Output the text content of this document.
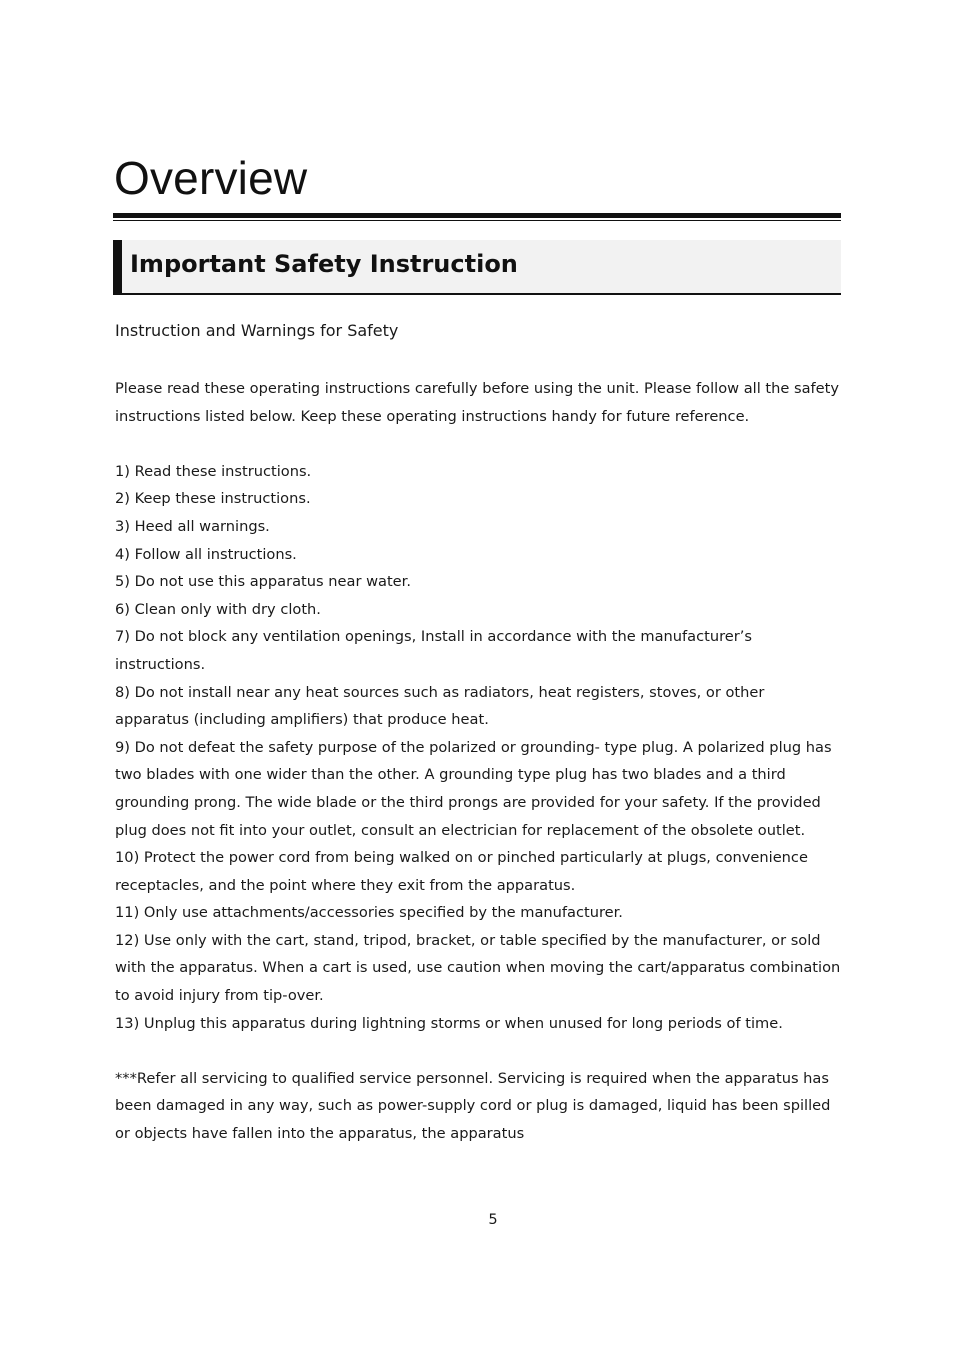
Overview
Important Safety Instruction
Instruction and Warnings for Safety

Please read these operating instructions carefully before using the unit. Please follow all the safety instructions listed below. Keep these operating instructions handy for future reference.

1) Read these instructions.

2) Keep these instructions.

3) Heed all warnings.

4) Follow all instructions.

5) Do not use this apparatus near water.

6) Clean only with dry cloth.

7) Do not block any ventilation openings, Install in accordance with the manufacturer’s instructions.

8) Do not install near any heat sources such as radiators, heat registers, stoves, or other apparatus (including amplifiers) that produce heat.

9) Do not defeat the safety purpose of the polarized or grounding- type plug. A polarized plug has two blades with one wider than the other. A grounding type plug has two blades and a third grounding prong. The wide blade or the third prongs are provided for your safety. If the provided plug does not fit into your outlet, consult an electrician for replacement of the obsolete outlet.

10) Protect the power cord from being walked on or pinched particularly at plugs, convenience receptacles, and the point where they exit from the apparatus.

11) Only use attachments/accessories specified by the manufacturer.

12) Use only with the cart, stand, tripod, bracket, or table specified by the manufacturer, or sold with the apparatus. When a cart is used, use caution when moving the cart/apparatus combination to avoid injury from tip-over.

13) Unplug this apparatus during lightning storms or when unused for long periods of time.

***Refer all servicing to qualified service personnel. Servicing is required when the apparatus has been damaged in any way, such as power-supply cord or plug is damaged, liquid has been spilled or objects have fallen into the apparatus, the apparatus

5
